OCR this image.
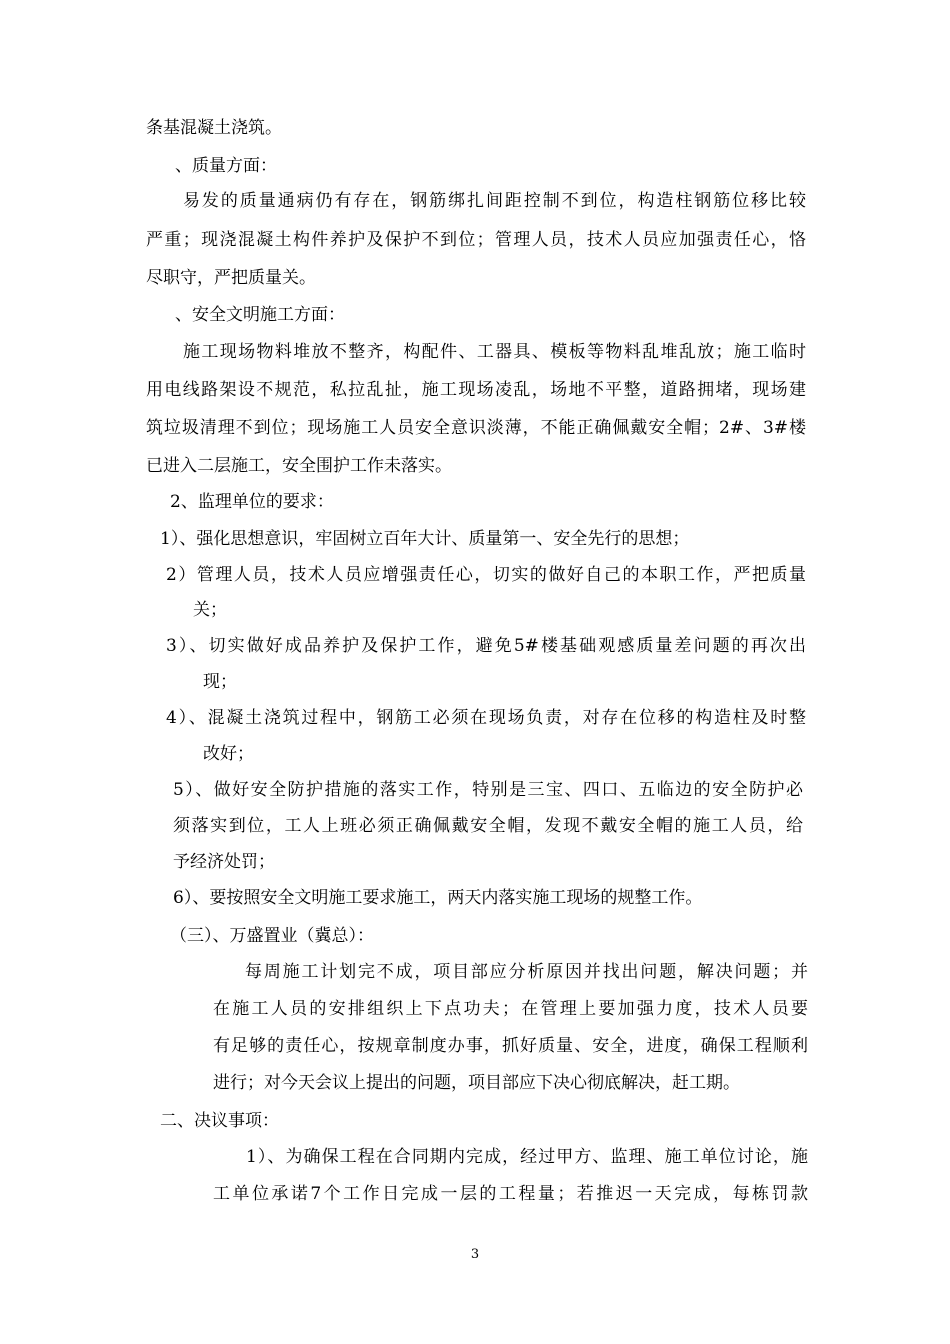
条基混凝土浇筑。

、质量方面：

易发的质量通病仍有存在，钢筋绑扎间距控制不到位，构造柱钢筋位移比较

严重；现浇混凝土构件养护及保护不到位；管理人员，技术人员应加强责任心，恪

尽职守，严把质量关。

、安全文明施工方面：

施工现场物料堆放不整齐，构配件、工器具、模板等物料乱堆乱放；施工临时

用电线路架设不规范，私拉乱扯，施工现场凌乱，场地不平整，道路拥堵，现场建

筑垃圾清理不到位；现场施工人员安全意识淡薄，不能正确佩戴安全帽；2#、3#楼

已进入二层施工，安全围护工作未落实。

2、监理单位的要求：

1）、强化思想意识，牢固树立百年大计、质量第一、安全先行的思想；

2）管理人员，技术人员应增强责任心，切实的做好自己的本职工作，严把质量

关；

3）、切实做好成品养护及保护工作，避免5#楼基础观感质量差问题的再次出

现；

4）、混凝土浇筑过程中，钢筋工必须在现场负责，对存在位移的构造柱及时整

改好；

5）、做好安全防护措施的落实工作，特别是三宝、四口、五临边的安全防护必

须落实到位，工人上班必须正确佩戴安全帽，发现不戴安全帽的施工人员，给

予经济处罚；

6）、要按照安全文明施工要求施工，两天内落实施工现场的规整工作。

（三）、万盛置业（冀总）：

每周施工计划完不成，项目部应分析原因并找出问题，解决问题；并

在施工人员的安排组织上下点功夫；在管理上要加强力度，技术人员要

有足够的责任心，按规章制度办事，抓好质量、安全，进度，确保工程顺利

进行；对今天会议上提出的问题，项目部应下决心彻底解决，赶工期。

二、决议事项：

1）、为确保工程在合同期内完成，经过甲方、监理、施工单位讨论，施

工单位承诺7个工作日完成一层的工程量；若推迟一天完成，每栋罚款

3
